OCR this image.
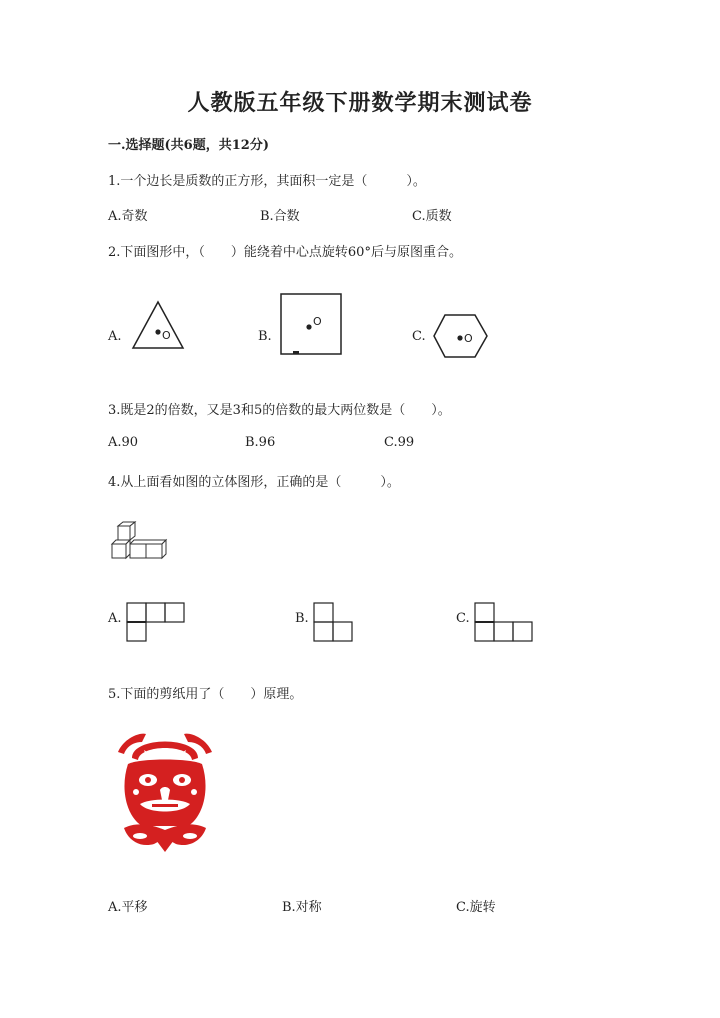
人教版五年级下册数学期末测试卷
一.选择题(共6题，共12分)
1.一个边长是质数的正方形，其面积一定是（　　　）。
A.奇数	B.合数	C.质数
2.下面图形中，（　　）能绕着中心点旋转60°后与原图重合。
A.	B.	C.
O
O
O
3.既是2的倍数，又是3和5的倍数的最大两位数是（　　）。
A.90	B.96	C.99
4.从上面看如图的立体图形，正确的是（　　　）。
A.	B.	C.
5.下面的剪纸用了（　　）原理。
A.平移	B.对称	C.旋转
